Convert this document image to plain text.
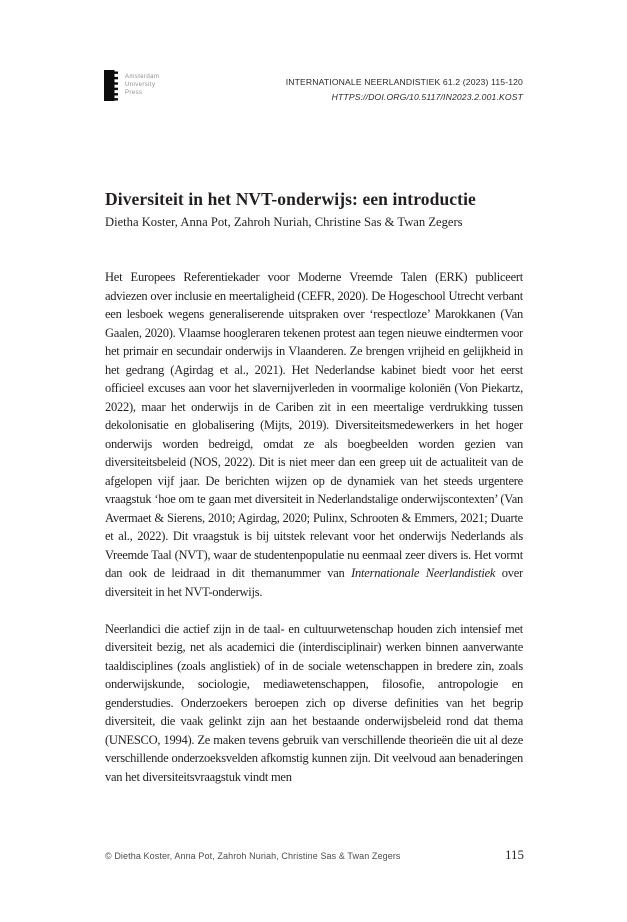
Amsterdam
University
Press
INTERNATIONALE NEERLANDISTIEK 61.2 (2023) 115-120
HTTPS://DOI.ORG/10.5117/IN2023.2.001.KOST
Diversiteit in het NVT-onderwijs: een introductie
Dietha Koster, Anna Pot, Zahroh Nuriah, Christine Sas & Twan Zegers

Het Europees Referentiekader voor Moderne Vreemde Talen (ERK) publiceert adviezen over inclusie en meertaligheid (CEFR, 2020). De Hogeschool Utrecht verbant een lesboek wegens generaliserende uitspraken over ‘respectloze’ Marokkanen (Van Gaalen, 2020). Vlaamse hoogleraren tekenen protest aan tegen nieuwe eindtermen voor het primair en secundair onderwijs in Vlaanderen. Ze brengen vrijheid en gelijkheid in het gedrang (Agirdag et al., 2021). Het Nederlandse kabinet biedt voor het eerst officieel excuses aan voor het slavernijverleden in voormalige koloniën (Von Piekartz, 2022), maar het onderwijs in de Cariben zit in een meertalige verdrukking tussen dekolonisatie en globalisering (Mijts, 2019). Diversiteitsmedewerkers in het hoger onderwijs worden bedreigd, omdat ze als boegbeelden worden gezien van diversiteitsbeleid (NOS, 2022). Dit is niet meer dan een greep uit de actualiteit van de afgelopen vijf jaar. De berichten wijzen op de dynamiek van het steeds urgentere vraagstuk ‘hoe om te gaan met diversiteit in Nederlandstalige onderwijscontexten’ (Van Avermaet & Sierens, 2010; Agirdag, 2020; Pulinx, Schrooten & Emmers, 2021; Duarte et al., 2022). Dit vraagstuk is bij uitstek relevant voor het onderwijs Nederlands als Vreemde Taal (NVT), waar de studentenpopulatie nu eenmaal zeer divers is. Het vormt dan ook de leidraad in dit themanummer van Internationale Neerlandistiek over diversiteit in het NVT-onderwijs.

Neerlandici die actief zijn in de taal- en cultuurwetenschap houden zich intensief met diversiteit bezig, net als academici die (interdisciplinair) werken binnen aanverwante taaldisciplines (zoals anglistiek) of in de sociale wetenschappen in bredere zin, zoals onderwijskunde, sociologie, mediawetenschappen, filosofie, antropologie en genderstudies. Onderzoekers beroepen zich op diverse definities van het begrip diversiteit, die vaak gelinkt zijn aan het bestaande onderwijsbeleid rond dat thema (UNESCO, 1994). Ze maken tevens gebruik van verschillende theorieën die uit al deze verschillende onderzoeksvelden afkomstig kunnen zijn. Dit veelvoud aan benaderingen van het diversiteitsvraagstuk vindt men

© Dietha Koster, Anna Pot, Zahroh Nuriah, Christine Sas & Twan Zegers	115
